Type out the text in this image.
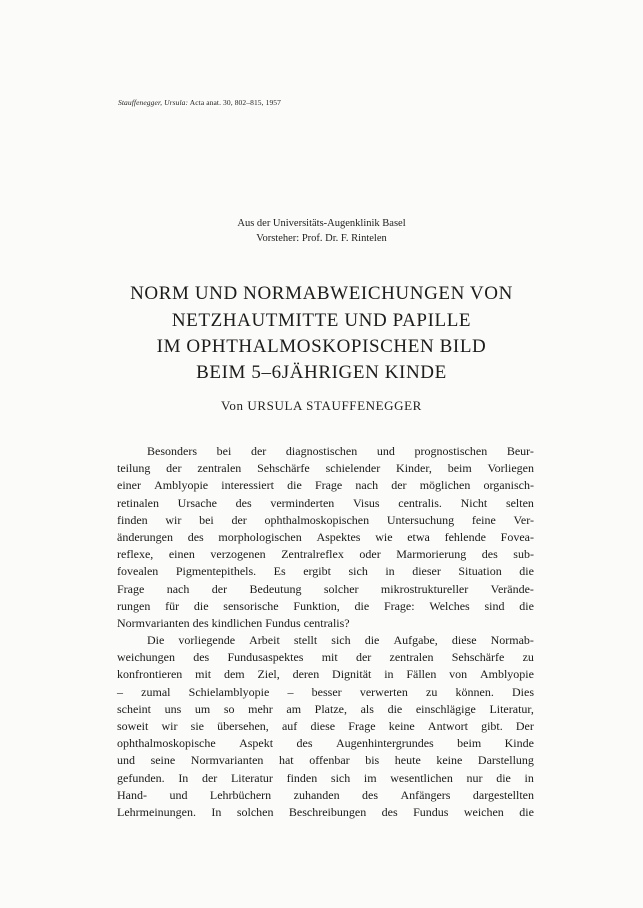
Stauffenegger, Ursula: Acta anat. 30, 802–815, 1957
Aus der Universitäts-Augenklinik Basel
Vorsteher: Prof. Dr. F. Rintelen
NORM UND NORMABWEICHUNGEN VON
NETZHAUTMITTE UND PAPILLE
IM OPHTHALMOSKOPISCHEN BILD
BEIM 5–6JÄHRIGEN KINDE
Von URSULA STAUFFENEGGER
Besonders bei der diagnostischen und prognostischen Beur-
teilung der zentralen Sehschärfe schielender Kinder, beim Vorliegen
einer Amblyopie interessiert die Frage nach der möglichen organisch-
retinalen Ursache des verminderten Visus centralis. Nicht selten
finden wir bei der ophthalmoskopischen Untersuchung feine Ver-
änderungen des morphologischen Aspektes wie etwa fehlende Fovea-
reflexe, einen verzogenen Zentralreflex oder Marmorierung des sub-
fovealen Pigmentepithels. Es ergibt sich in dieser Situation die
Frage nach der Bedeutung solcher mikrostruktureller Verände-
rungen für die sensorische Funktion, die Frage: Welches sind die
Normvarianten des kindlichen Fundus centralis?
Die vorliegende Arbeit stellt sich die Aufgabe, diese Normab-
weichungen des Fundusaspektes mit der zentralen Sehschärfe zu
konfrontieren mit dem Ziel, deren Dignität in Fällen von Amblyopie
– zumal Schielamblyopie – besser verwerten zu können. Dies
scheint uns um so mehr am Platze, als die einschlägige Literatur,
soweit wir sie übersehen, auf diese Frage keine Antwort gibt. Der
ophthalmoskopische Aspekt des Augenhintergrundes beim Kinde
und seine Normvarianten hat offenbar bis heute keine Darstellung
gefunden. In der Literatur finden sich im wesentlichen nur die in
Hand- und Lehrbüchern zuhanden des Anfängers dargestellten
Lehrmeinungen. In solchen Beschreibungen des Fundus weichen die
